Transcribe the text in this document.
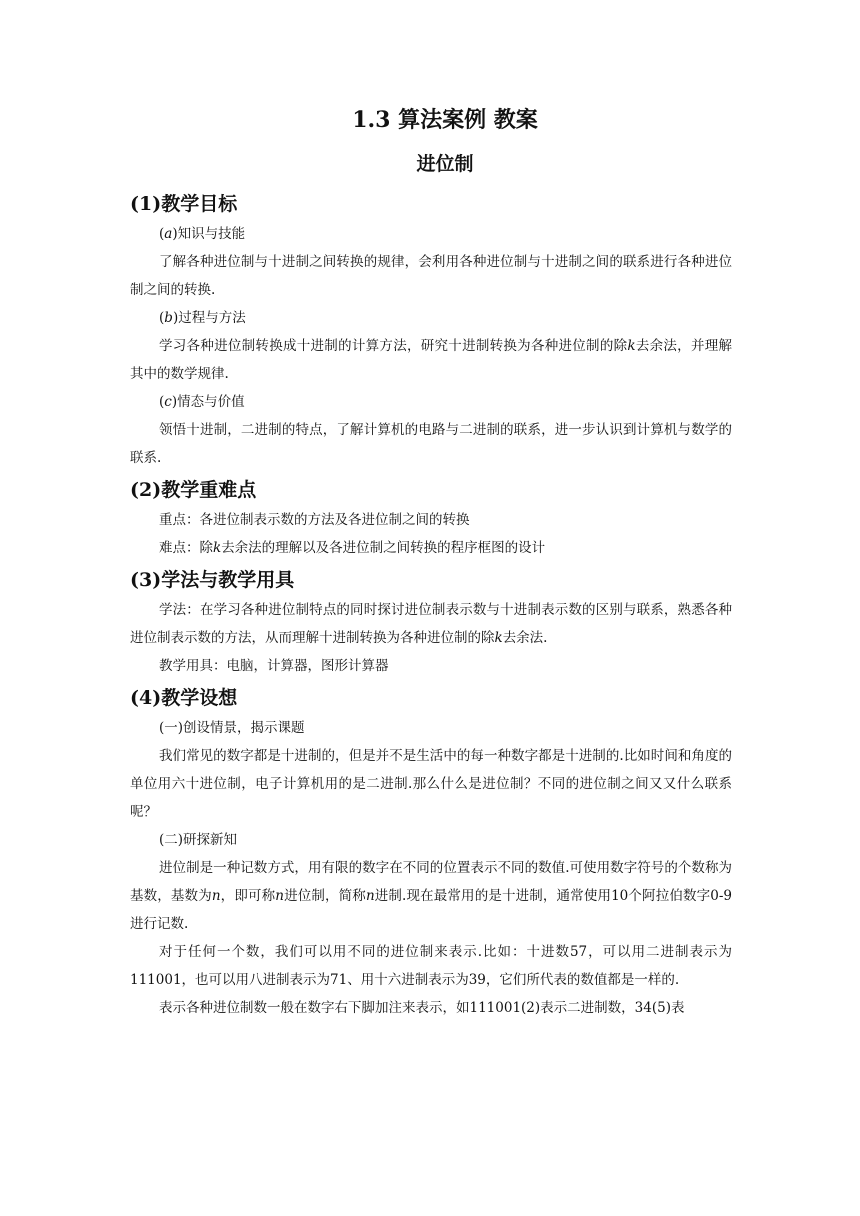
1.3 算法案例 教案
进位制
(1)教学目标
(a)知识与技能

了解各种进位制与十进制之间转换的规律，会利用各种进位制与十进制之间的联系进行各种进位制之间的转换.

(b)过程与方法

学习各种进位制转换成十进制的计算方法，研究十进制转换为各种进位制的除k去余法，并理解其中的数学规律.

(c)情态与价值

领悟十进制，二进制的特点，了解计算机的电路与二进制的联系，进一步认识到计算机与数学的联系.

(2)教学重难点

重点：各进位制表示数的方法及各进位制之间的转换

难点：除k去余法的理解以及各进位制之间转换的程序框图的设计

(3)学法与教学用具

学法：在学习各种进位制特点的同时探讨进位制表示数与十进制表示数的区别与联系，熟悉各种进位制表示数的方法，从而理解十进制转换为各种进位制的除k去余法.

教学用具：电脑，计算器，图形计算器

(4)教学设想

(一)创设情景，揭示课题

我们常见的数字都是十进制的，但是并不是生活中的每一种数字都是十进制的.比如时间和角度的单位用六十进位制，电子计算机用的是二进制.那么什么是进位制？不同的进位制之间又又什么联系呢？

(二)研探新知

进位制是一种记数方式，用有限的数字在不同的位置表示不同的数值.可使用数字符号的个数称为基数，基数为n，即可称n进位制，简称n进制.现在最常用的是十进制，通常使用10个阿拉伯数字0-9进行记数.

对于任何一个数，我们可以用不同的进位制来表示.比如：十进数57，可以用二进制表示为111001，也可以用八进制表示为71、用十六进制表示为39，它们所代表的数值都是一样的.

表示各种进位制数一般在数字右下脚加注来表示，如111001(2)表示二进制数，34(5)表
